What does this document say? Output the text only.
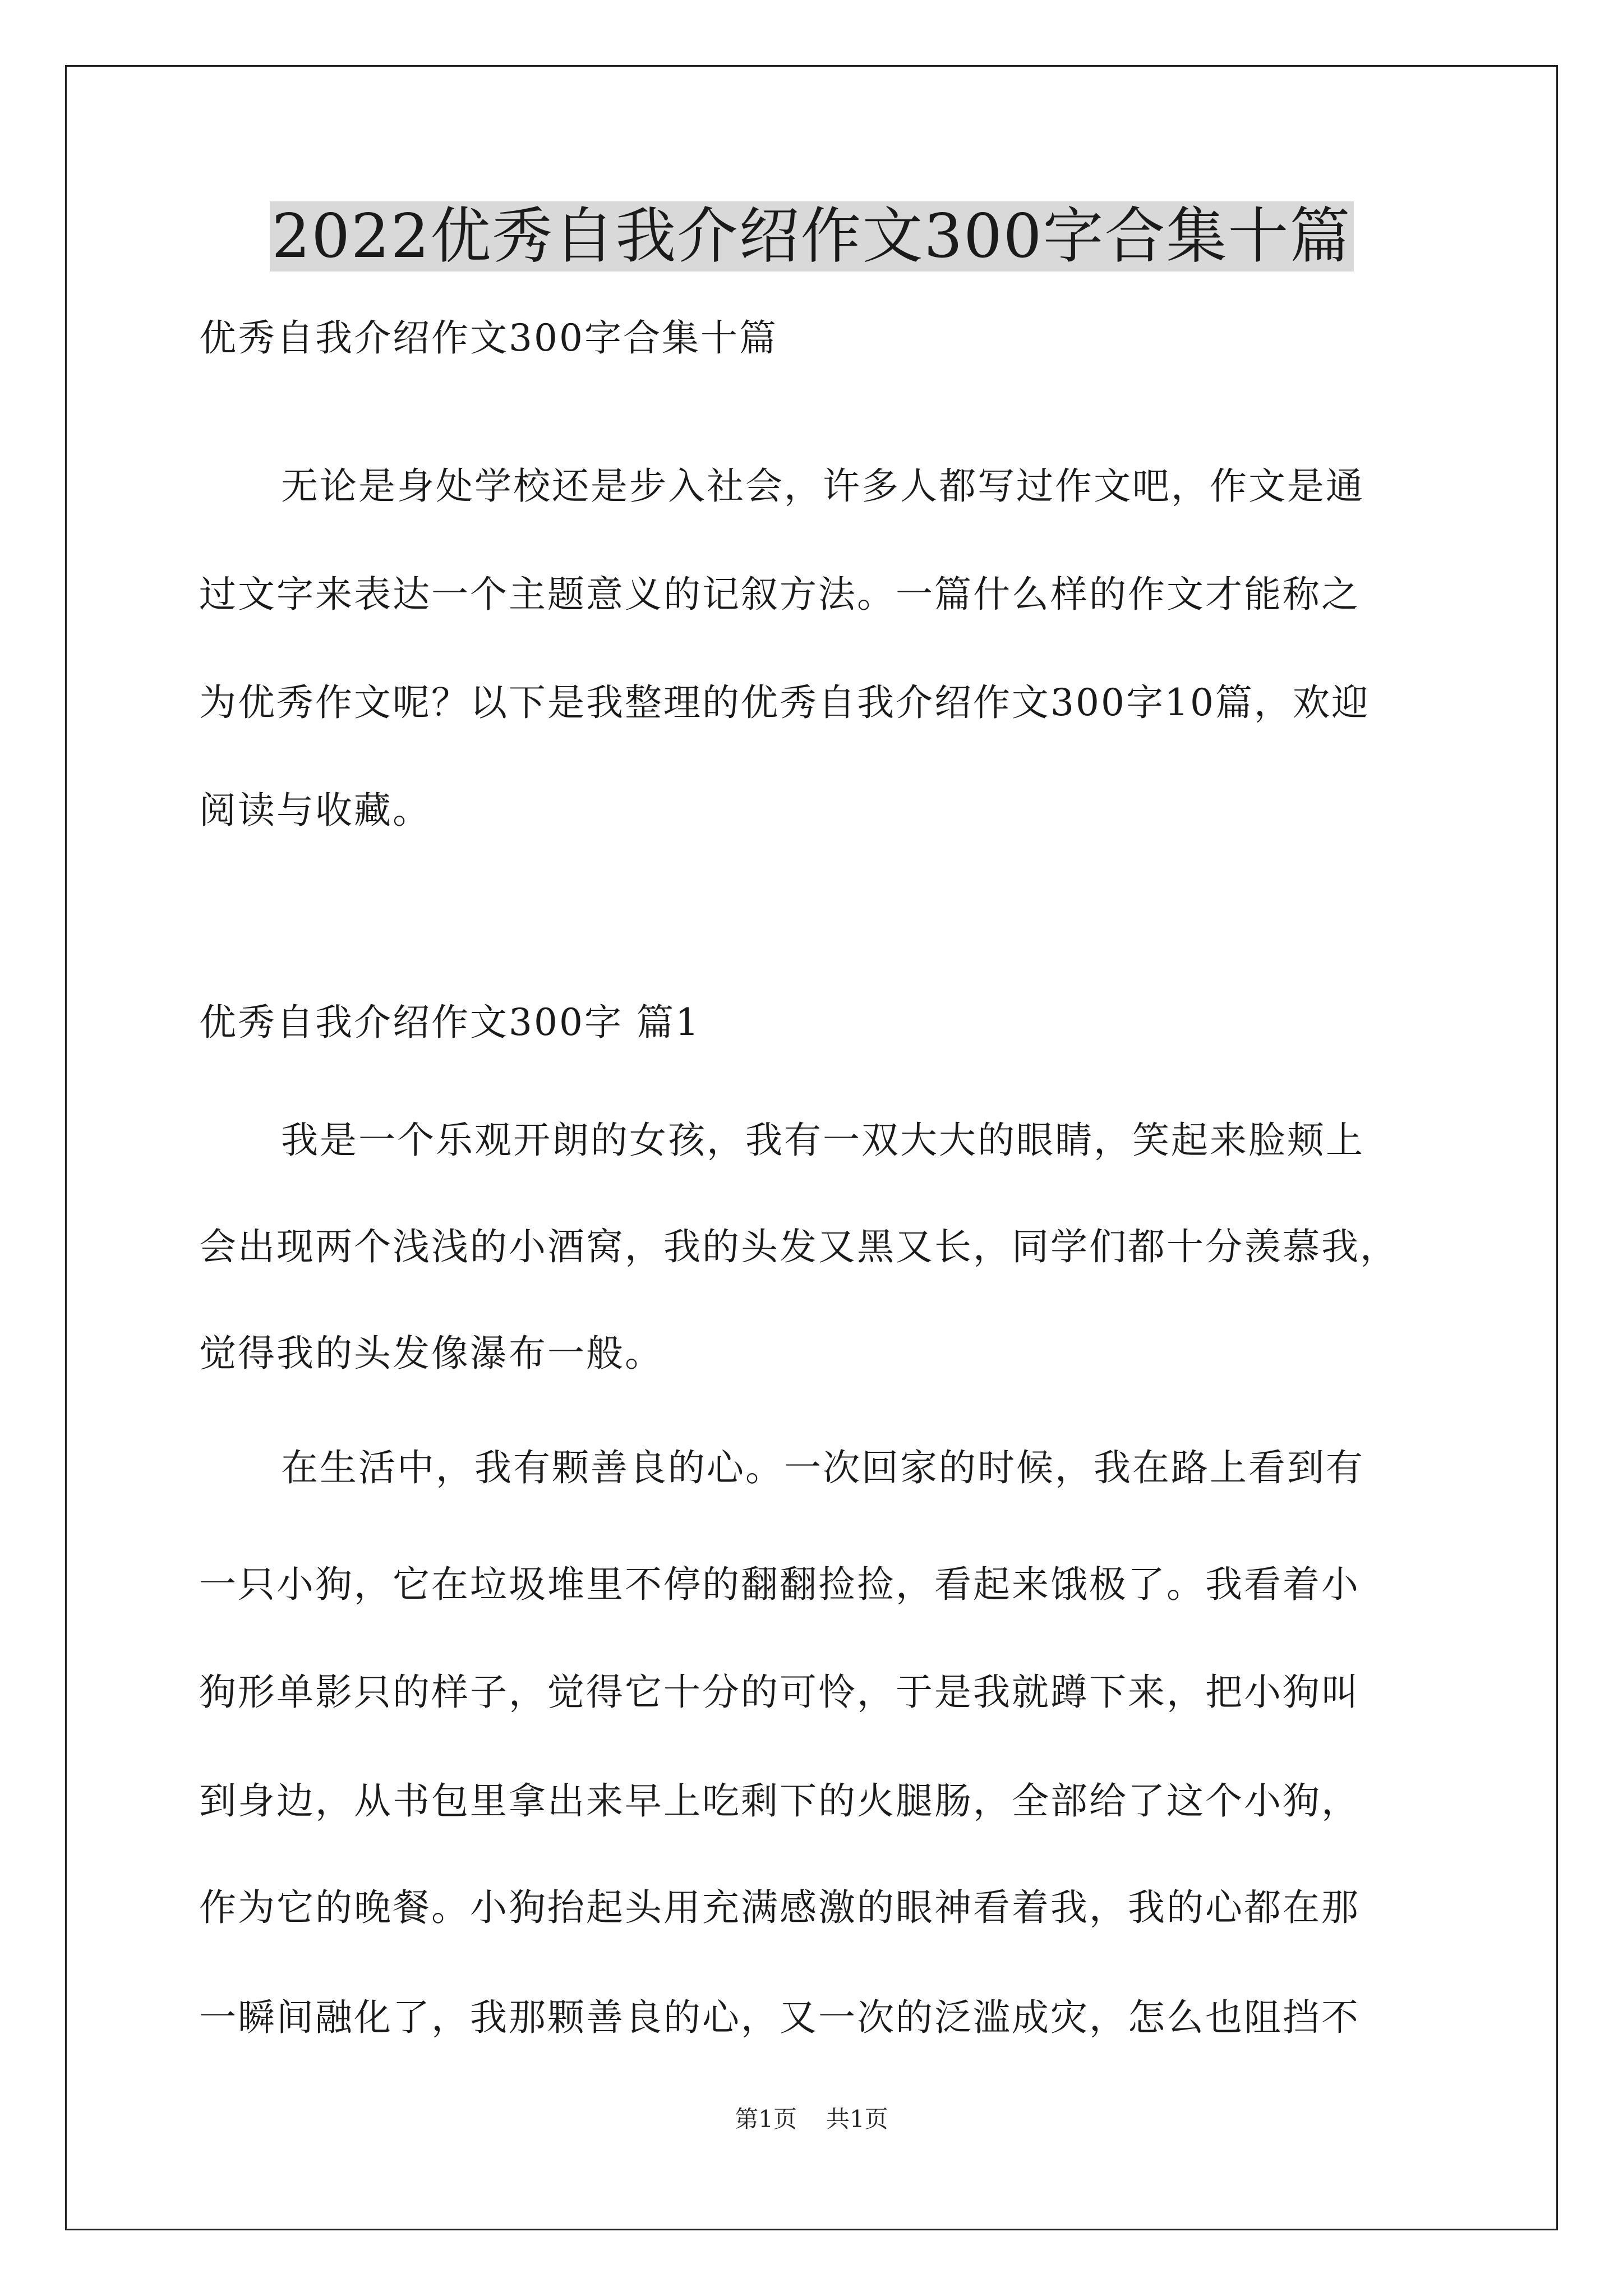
2022优秀自我介绍作文300字合集十篇
优秀自我介绍作文300字合集十篇
无论是身处学校还是步入社会，许多人都写过作文吧，作文是通
过文字来表达一个主题意义的记叙方法。一篇什么样的作文才能称之
为优秀作文呢？以下是我整理的优秀自我介绍作文300字10篇，欢迎
阅读与收藏。
优秀自我介绍作文300字 篇1
我是一个乐观开朗的女孩，我有一双大大的眼睛，笑起来脸颊上
会出现两个浅浅的小酒窝，我的头发又黑又长，同学们都十分羡慕我，
觉得我的头发像瀑布一般。
在生活中，我有颗善良的心。一次回家的时候，我在路上看到有
一只小狗，它在垃圾堆里不停的翻翻捡捡，看起来饿极了。我看着小
狗形单影只的样子，觉得它十分的可怜，于是我就蹲下来，把小狗叫
到身边，从书包里拿出来早上吃剩下的火腿肠，全部给了这个小狗，
作为它的晚餐。小狗抬起头用充满感激的眼神看着我，我的心都在那
一瞬间融化了，我那颗善良的心，又一次的泛滥成灾，怎么也阻挡不
第1页 共1页
